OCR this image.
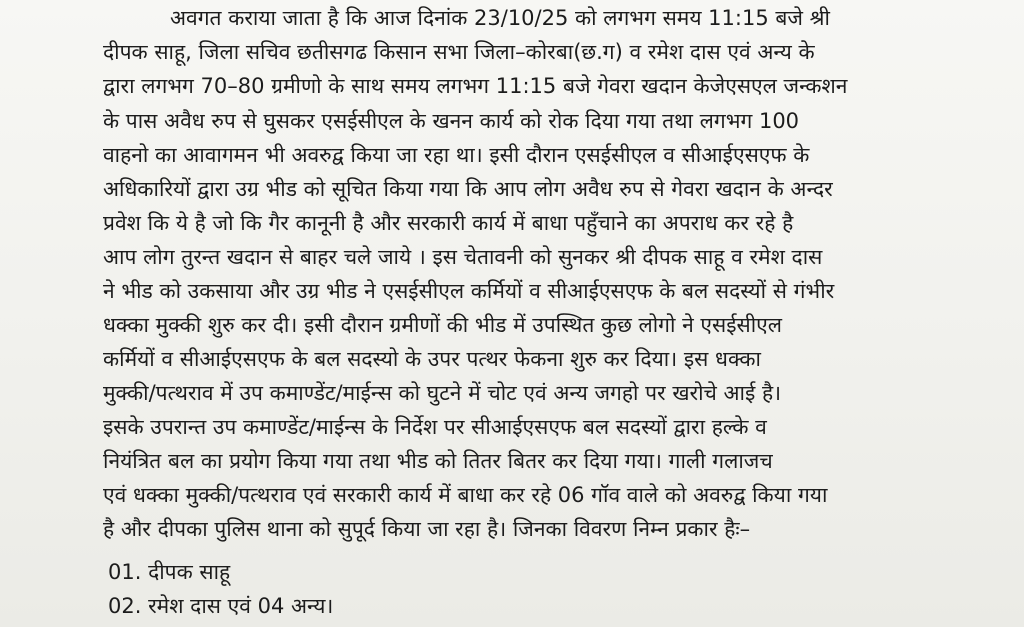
अवगत कराया जाता है कि आज दिनांक 23/10/25 को लगभग समय 11:15 बजे श्री
दीपक साहू, जिला सचिव छतीसगढ किसान सभा जिला–कोरबा(छ.ग) व रमेश दास एवं अन्य के
द्वारा लगभग 70–80 ग्रमीणो के साथ समय लगभग 11:15 बजे गेवरा खदान केजेएसएल जन्कशन
के पास अवैध रुप से घुसकर एसईसीएल के खनन कार्य को रोक दिया गया तथा लगभग 100
वाहनो का आवागमन भी अवरुद्व किया जा रहा था। इसी दौरान एसईसीएल व सीआईएसएफ के
अधिकारियों द्वारा उग्र भीड को सूचित किया गया कि आप लोग अवैध रुप से गेवरा खदान के अन्दर
प्रवेश कि ये है जो कि गैर कानूनी है और सरकारी कार्य में बाधा पहुँचाने का अपराध कर रहे है
आप लोग तुरन्त खदान से बाहर चले जाये । इस चेतावनी को सुनकर श्री दीपक साहू व रमेश दास
ने भीड को उकसाया और उग्र भीड ने एसईसीएल कर्मियों व सीआईएसएफ के बल सदस्यों से गंभीर
धक्का मुक्की शुरु कर दी। इसी दौरान ग्रमीणों की भीड में उपस्थित कुछ लोगो ने एसईसीएल
कर्मियों व सीआईएसएफ के बल सदस्यो के उपर पत्थर फेकना शुरु कर दिया। इस धक्का
मुक्की/पत्थराव में उप कमाण्डेंट/माईन्स को घुटने में चोट एवं अन्य जगहो पर खरोचे आई है।
इसके उपरान्त उप कमाण्डेंट/माईन्स के निर्देश पर सीआईएसएफ बल सदस्यों द्वारा हल्के व
नियंत्रित बल का प्रयोग किया गया तथा भीड को तितर बितर कर दिया गया। गाली गलाजच
एवं धक्का मुक्की/पत्थराव एवं सरकारी कार्य में बाधा कर रहे 06 गॉव वाले को अवरुद्व किया गया
है और दीपका पुलिस थाना को सुपूर्द किया जा रहा है। जिनका विवरण निम्न प्रकार हैः–
01. दीपक साहू
02. रमेश दास एवं 04 अन्य।
